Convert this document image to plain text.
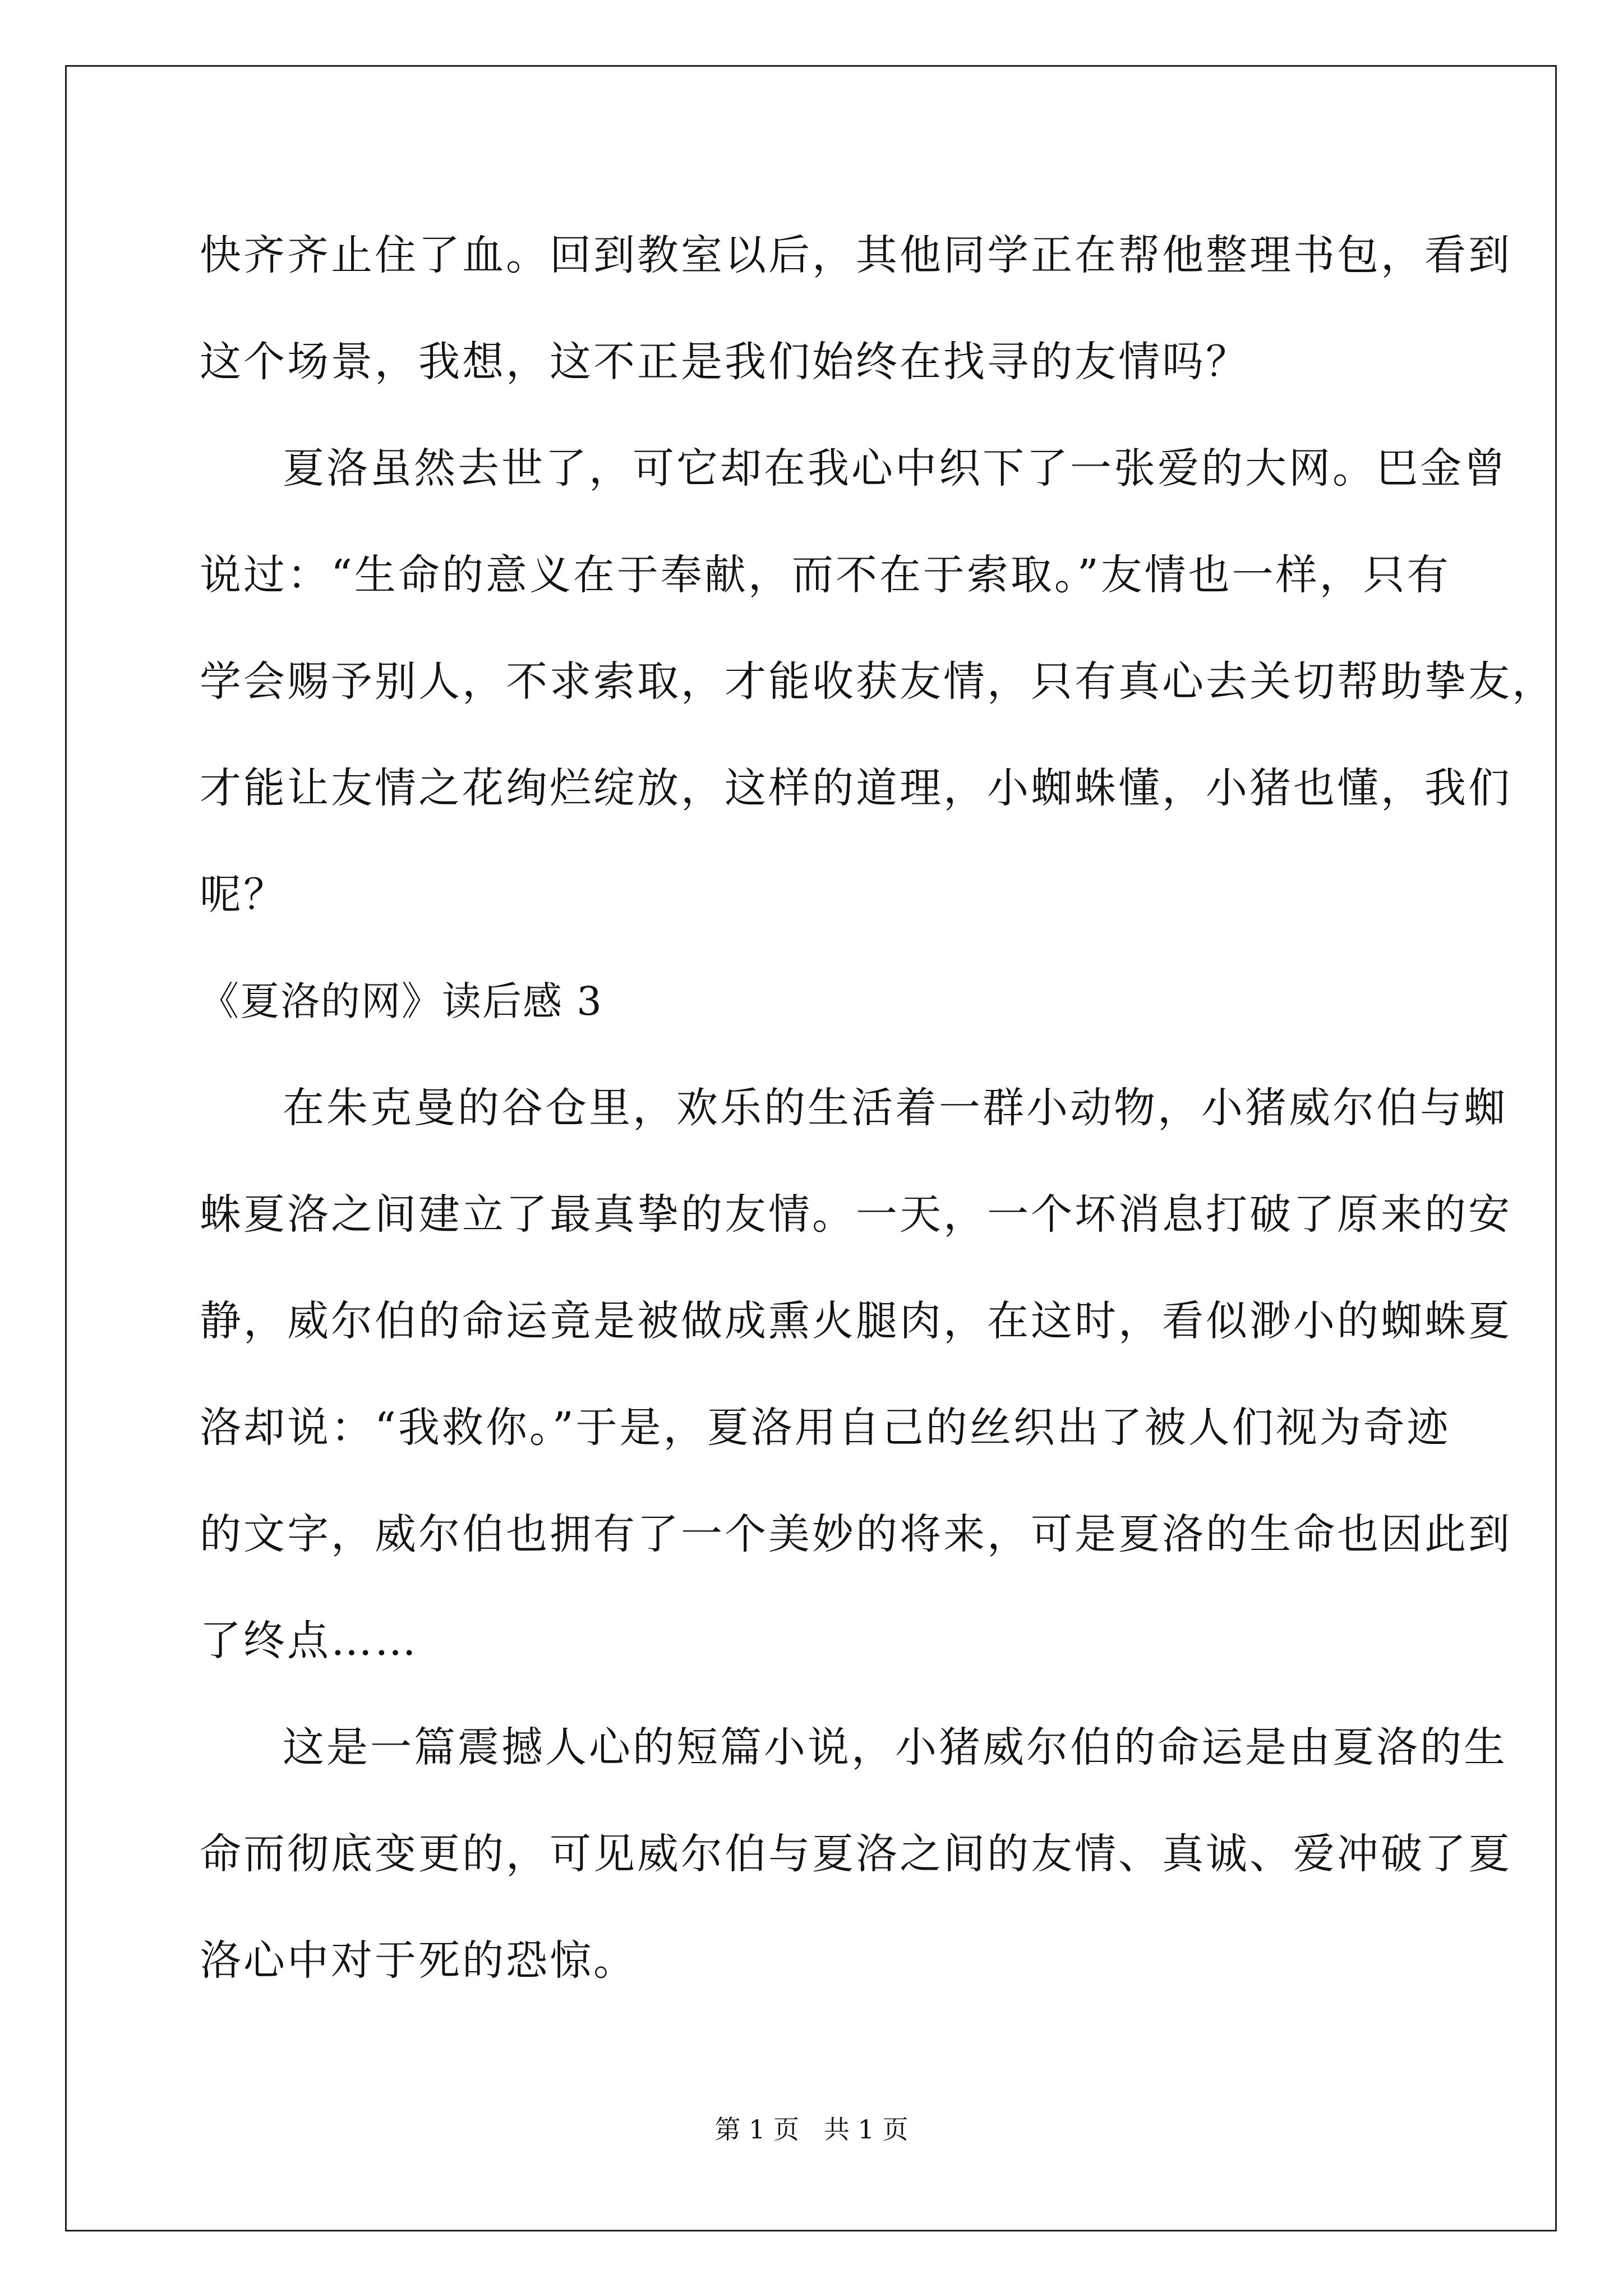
快齐齐止住了血。回到教室以后，其他同学正在帮他整理书包，看到
这个场景，我想，这不正是我们始终在找寻的友情吗？
夏洛虽然去世了，可它却在我心中织下了一张爱的大网。巴金曾
说过：“生命的意义在于奉献，而不在于索取。”友情也一样，只有
学会赐予别人，不求索取，才能收获友情，只有真心去关切帮助挚友，
才能让友情之花绚烂绽放，这样的道理，小蜘蛛懂，小猪也懂，我们
呢？
《夏洛的网》读后感 3
在朱克曼的谷仓里，欢乐的生活着一群小动物，小猪威尔伯与蜘
蛛夏洛之间建立了最真挚的友情。一天，一个坏消息打破了原来的安
静，威尔伯的命运竟是被做成熏火腿肉，在这时，看似渺小的蜘蛛夏
洛却说：“我救你。”于是，夏洛用自己的丝织出了被人们视为奇迹
的文字，威尔伯也拥有了一个美妙的将来，可是夏洛的生命也因此到
了终点……
这是一篇震撼人心的短篇小说，小猪威尔伯的命运是由夏洛的生
命而彻底变更的，可见威尔伯与夏洛之间的友情、真诚、爱冲破了夏
洛心中对于死的恐惊。
第 1 页 共 1 页
